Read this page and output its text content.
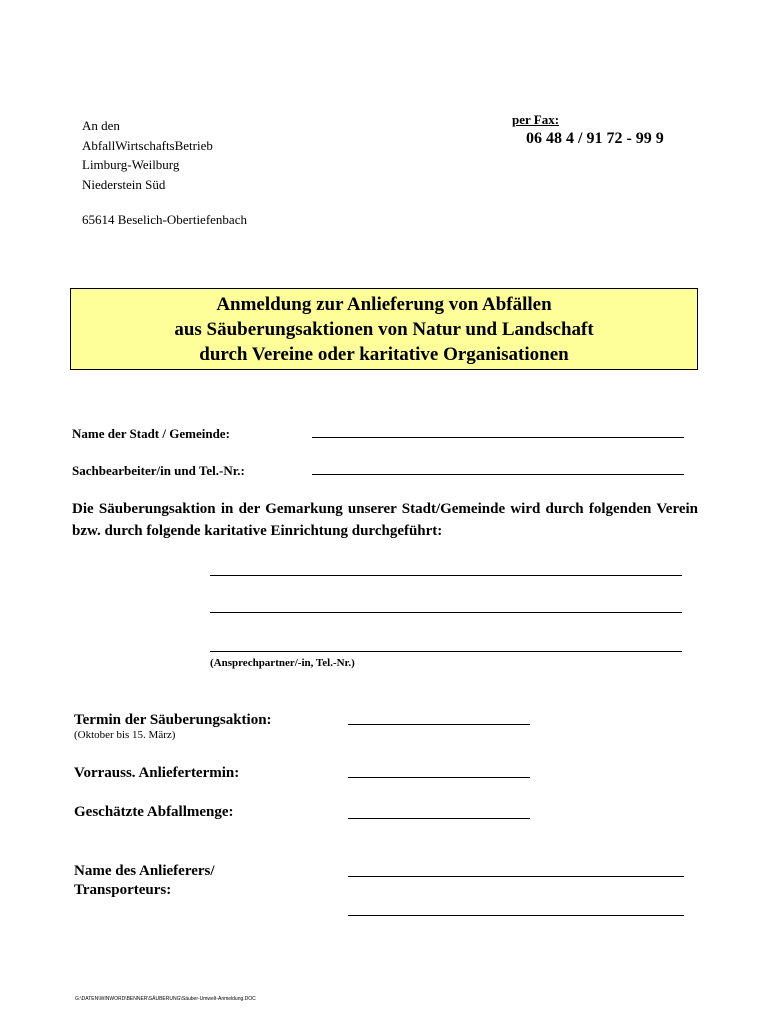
An den
AbfallWirtschaftsBetrieb
Limburg-Weilburg
Niederstein Süd
65614 Beselich-Obertiefenbach
per Fax:
06 48 4 / 91 72 - 99 9
Anmeldung zur Anlieferung von Abfällen
aus Säuberungsaktionen von Natur und Landschaft
durch Vereine oder karitative Organisationen
Name der Stadt / Gemeinde:
Sachbearbeiter/in und Tel.-Nr.:
Die Säuberungsaktion in der Gemarkung unserer Stadt/Gemeinde wird durch folgenden Verein bzw. durch folgende karitative Einrichtung durchgeführt:
(Ansprechpartner/-in, Tel.-Nr.)
Termin der Säuberungsaktion:
(Oktober bis 15. März)
Vorrauss. Anliefertermin:
Geschätzte Abfallmenge:
Name des Anlieferers/
Transporteurs:
G:\DATEN\WINWORD\BENNER\SÄUBERUNG\Säuber-Umwelt-Anmeldung.DOC
